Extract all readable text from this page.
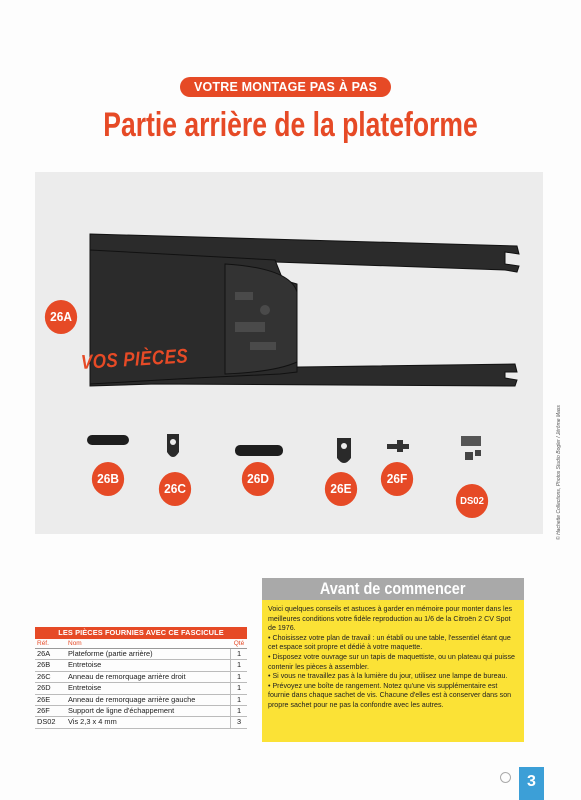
VOTRE MONTAGE PAS À PAS
Partie arrière de la plateforme
VOS PIÈCES
26A
26B
26C
26D
26E
26F
DS02	© Hachette Collections, Photos Studio Bogler / Jérôme Mass
LES PIÈCES FOURNIES AVEC CE FASCICULE
Réf.	Nom	Qté
26A	Plateforme (partie arrière)	1
26B	Entretoise	1
26C	Anneau de remorquage arrière droit	1
26D	Entretoise	1
26E	Anneau de remorquage arrière gauche	1
26F	Support de ligne d'échappement	1
DS02	Vis 2,3 x 4 mm	3
Avant de commencer

Voici quelques conseils et astuces à garder en mémoire pour monter dans les meilleures conditions votre fidèle reproduction au 1/6 de la Citroën 2 CV Spot de 1976.

• Choisissez votre plan de travail : un établi ou une table, l'essentiel étant que cet espace soit propre et dédié à votre maquette.

• Disposez votre ouvrage sur un tapis de maquettiste, ou un plateau qui puisse contenir les pièces à assembler.

• Si vous ne travaillez pas à la lumière du jour, utilisez une lampe de bureau.

• Prévoyez une boîte de rangement. Notez qu'une vis supplémentaire est fournie dans chaque sachet de vis. Chacune d'elles est à conserver dans son propre sachet pour ne pas la confondre avec les autres.

3
